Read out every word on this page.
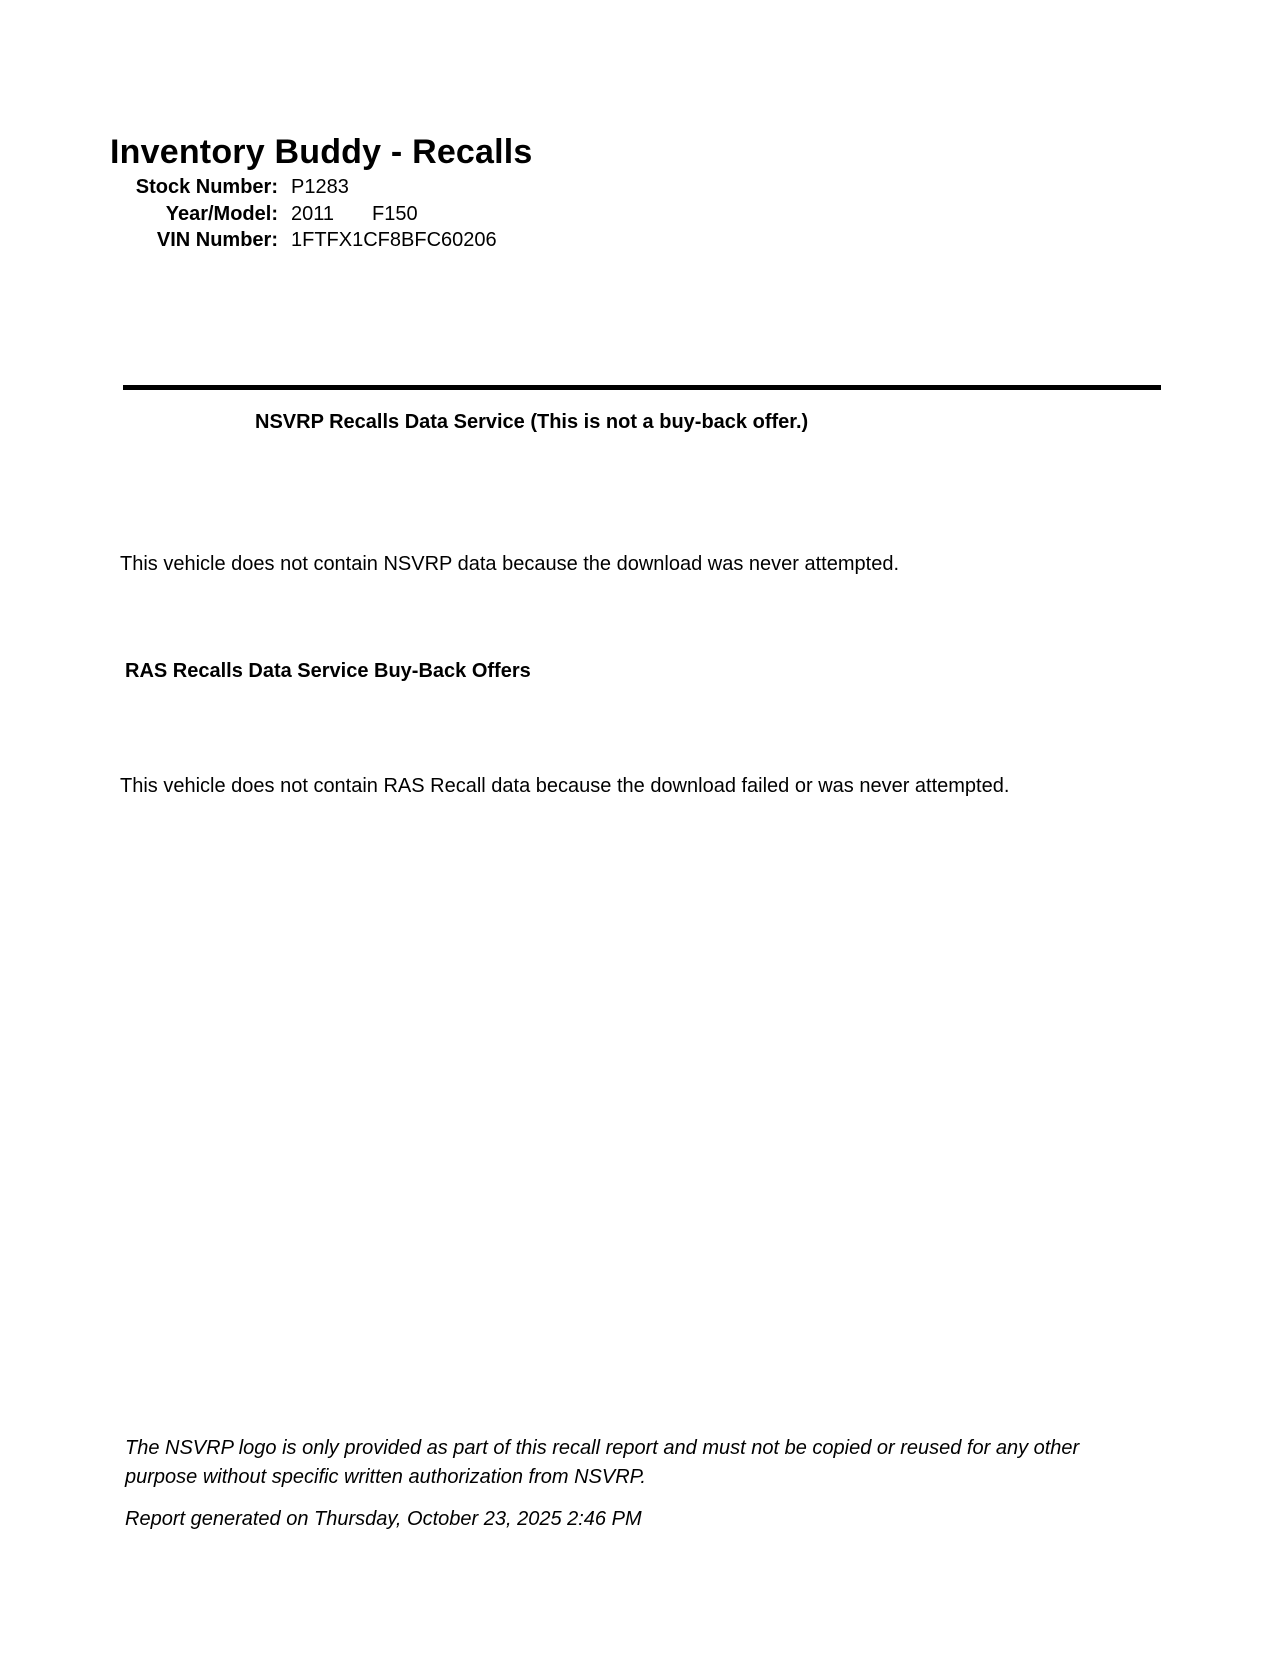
Inventory Buddy - Recalls
Stock Number: P1283
Year/Model: 2011 F150
VIN Number: 1FTFX1CF8BFC60206
NSVRP Recalls Data Service (This is not a buy-back offer.)
This vehicle does not contain NSVRP data because the download was never attempted.
RAS Recalls Data Service Buy-Back Offers
This vehicle does not contain RAS Recall data because the download failed or was never attempted.
The NSVRP logo is only provided as part of this recall report and must not be copied or reused for any other purpose without specific written authorization from NSVRP.
Report generated on Thursday, October 23, 2025 2:46 PM
